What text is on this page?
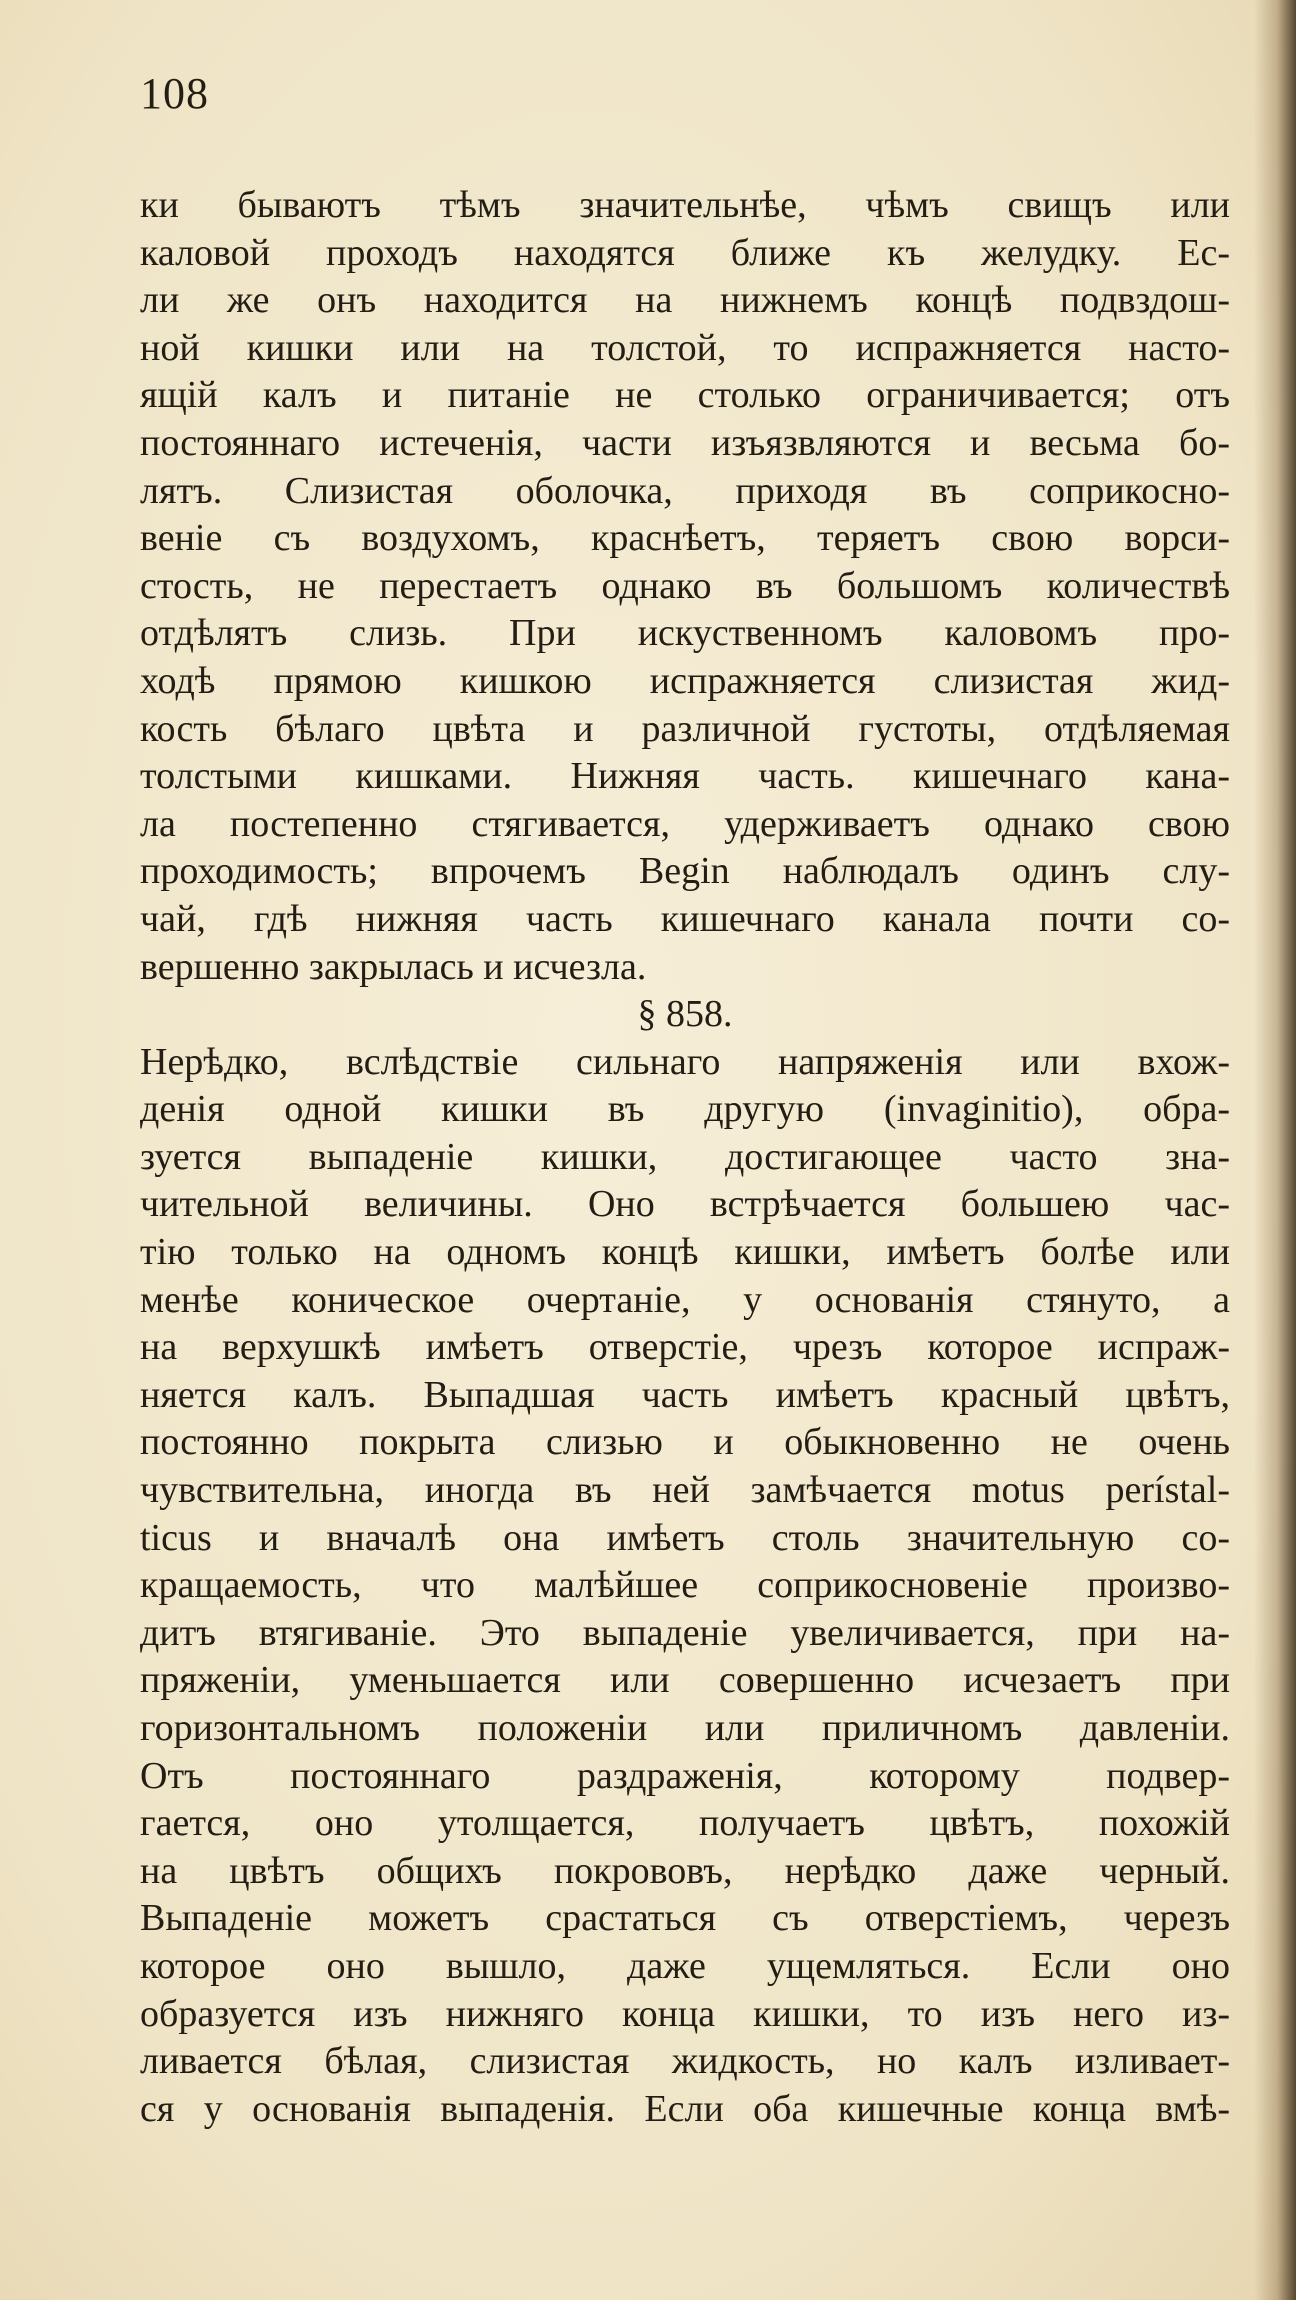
108
ки бываютъ тѣмъ значительнѣе, чѣмъ свищъ или
каловой проходъ находятся ближе къ желудку. Ес-
ли же онъ находится на нижнемъ концѣ подвздош-
ной кишки или на толстой, то испражняется насто-
ящій калъ и питаніе не столько ограничивается; отъ
постояннаго истеченія, части изъязвляются и весьма бо-
лятъ. Слизистая оболочка, приходя въ соприкосно-
веніе съ воздухомъ, краснѣетъ, теряетъ свою ворси-
стость, не перестаетъ однако въ большомъ количествѣ
отдѣлятъ слизь. При искуственномъ каловомъ про-
ходѣ прямою кишкою испражняется слизистая жид-
кость бѣлаго цвѣта и различной густоты, отдѣляемая
толстыми кишками. Нижняя часть. кишечнаго кана-
ла постепенно стягивается, удерживаетъ однако свою
проходимость; впрочемъ Begin наблюдалъ одинъ слу-
чай, гдѣ нижняя часть кишечнаго канала почти со-
вершенно закрылась и исчезла.
§ 858.
Нерѣдко, вслѣдствіе сильнаго напряженія или вхож-
денія одной кишки въ другую (invaginitio), обра-
зуется выпаденіе кишки, достигающее часто зна-
чительной величины. Оно встрѣчается большею час-
тію только на одномъ концѣ кишки, имѣетъ болѣе или
менѣе коническое очертаніе, у основанія стянуто, а
на верхушкѣ имѣетъ отверстіе, чрезъ которое испраж-
няется калъ. Выпадшая часть имѣетъ красный цвѣтъ,
постоянно покрыта слизью и обыкновенно не очень
чувствительна, иногда въ ней замѣчается motus perístal-
ticus и вначалѣ она имѣетъ столь значительную со-
кращаемость, что малѣйшее соприкосновеніе произво-
дитъ втягиваніе. Это выпаденіе увеличивается, при на-
пряженіи, уменьшается или совершенно исчезаетъ при
горизонтальномъ положеніи или приличномъ давленіи.
Отъ постояннаго раздраженія, которому подвер-
гается, оно утолщается, получаетъ цвѣтъ, похожій
на цвѣтъ общихъ покрововъ, нерѣдко даже черный.
Выпаденіе можетъ срастаться съ отверстіемъ, черезъ
которое оно вышло, даже ущемляться. Если оно
образуется изъ нижняго конца кишки, то изъ него из-
ливается бѣлая, слизистая жидкость, но калъ изливает-
ся у основанія выпаденія. Если оба кишечные конца вмѣ-
